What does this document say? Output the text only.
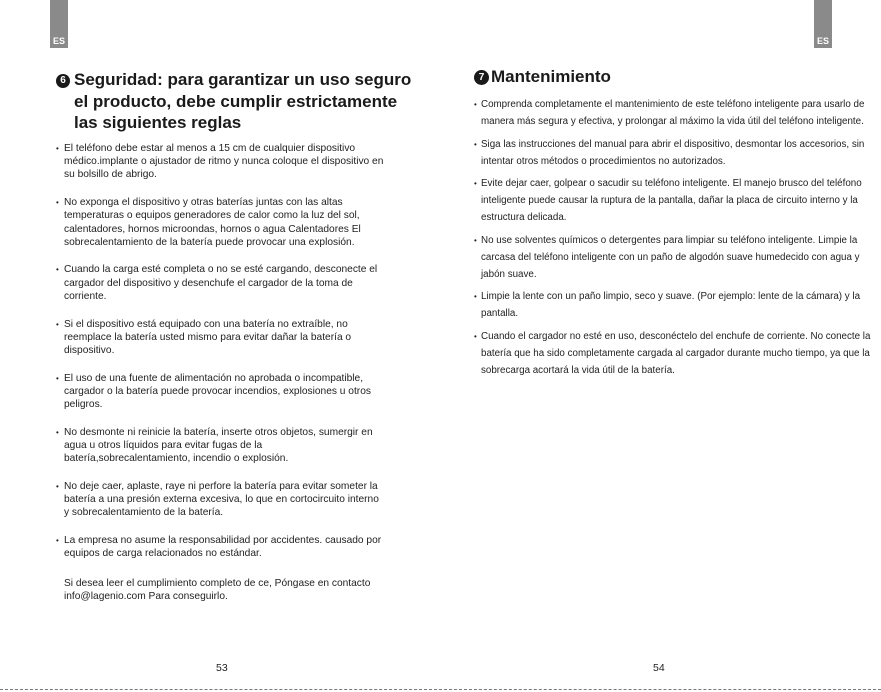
ES
6 Seguridad: para garantizar un uso seguro
el producto, debe cumplir estrictamente
las siguientes reglas
• El teléfono debe estar al menos a 15 cm de cualquier dispositivo médico.implante o ajustador de ritmo y nunca coloque el dispositivo en su bolsillo de abrigo.
• No exponga el dispositivo y otras baterías juntas con las altas temperaturas o equipos generadores de calor como la luz del sol, calentadores, hornos microondas, hornos o agua Calentadores El sobrecalentamiento de la batería puede provocar una explosión.
• Cuando la carga esté completa o no se esté cargando, desconecte el cargador del dispositivo y desenchufe el cargador de la toma de corriente.
• Si el dispositivo está equipado con una batería no extraíble, no reemplace la batería usted mismo para evitar dañar la batería o dispositivo.
• El uso de una fuente de alimentación no aprobada o incompatible, cargador o la batería puede provocar incendios, explosiones u otros peligros.
• No desmonte ni reinicie la batería, inserte otros objetos, sumergir en agua u otros líquidos para evitar fugas de la batería,sobrecalentamiento, incendio o explosión.
• No deje caer, aplaste, raye ni perfore la batería para evitar someter la batería a una presión externa excesiva, lo que en cortocircuito interno y sobrecalentamiento de la batería.
• La empresa no asume la responsabilidad por accidentes. causado por equipos de carga relacionados no estándar.
Si desea leer el cumplimiento completo de ce, Póngase en contacto info@lagenio.com Para conseguirlo.
53
ES
7 Mantenimiento
• Comprenda completamente el mantenimiento de este teléfono inteligente para usarlo de manera más segura y efectiva, y prolongar al máximo la vida útil del teléfono inteligente.
• Siga las instrucciones del manual para abrir el dispositivo, desmontar los accesorios, sin intentar otros métodos o procedimientos no autorizados.
• Evite dejar caer, golpear o sacudir su teléfono inteligente. El manejo brusco del teléfono inteligente puede causar la ruptura de la pantalla, dañar la placa de circuito interno y la estructura delicada.
• No use solventes químicos o detergentes para limpiar su teléfono inteligente. Limpie la carcasa del teléfono inteligente con un paño de algodón suave humedecido con agua y jabón suave.
• Limpie la lente con un paño limpio, seco y suave. (Por ejemplo: lente de la cámara) y la pantalla.
• Cuando el cargador no esté en uso, desconéctelo del enchufe de corriente. No conecte la batería que ha sido completamente cargada al cargador durante mucho tiempo, ya que la sobrecarga acortará la vida útil de la batería.
54
